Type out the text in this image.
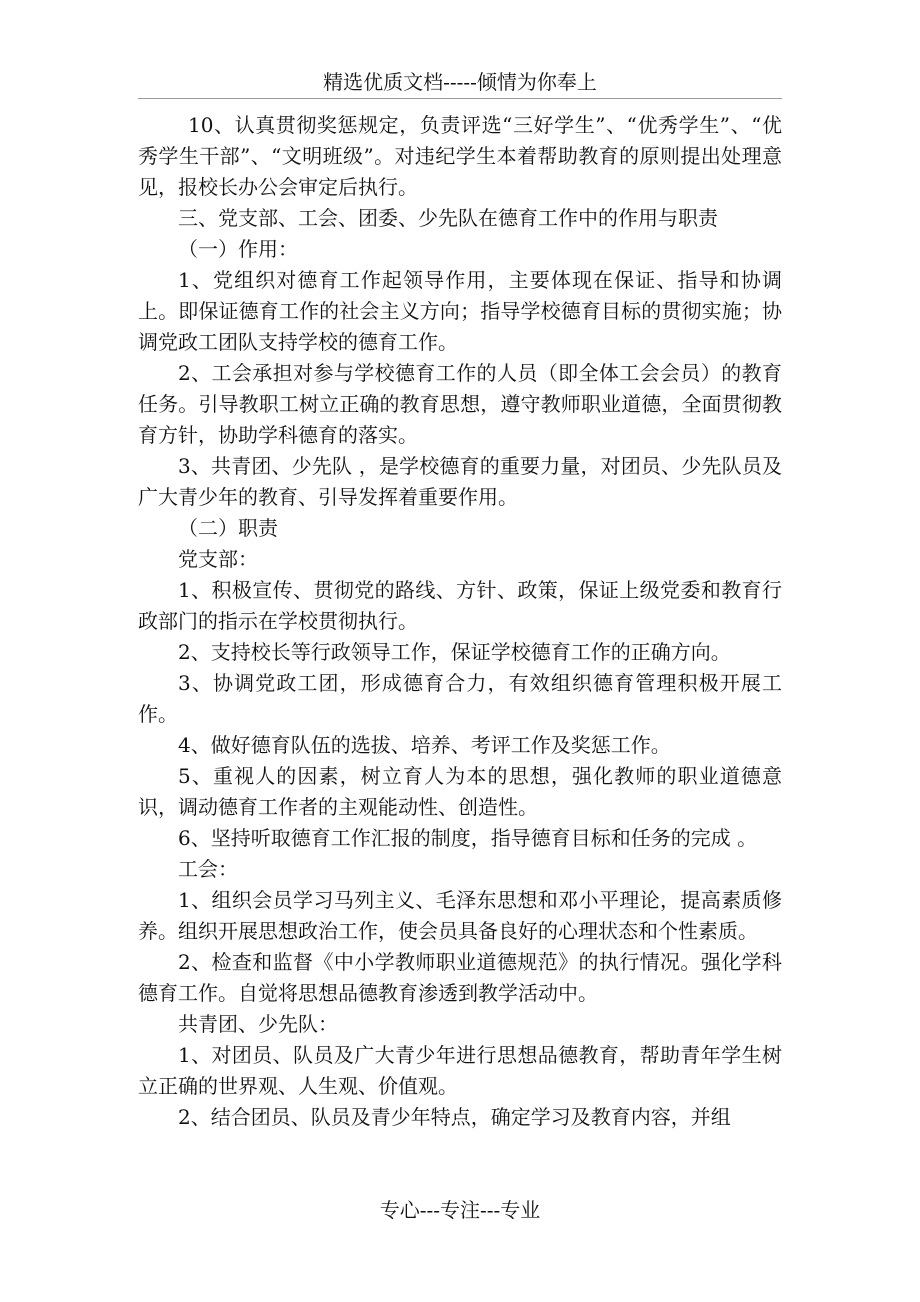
精选优质文档-----倾情为你奉上

10、认真贯彻奖惩规定，负责评选“三好学生”、“优秀学生”、“优秀学生干部”、“文明班级”。对违纪学生本着帮助教育的原则提出处理意见，报校长办公会审定后执行。

三、党支部、工会、团委、少先队在德育工作中的作用与职责

（一）作用：

1、党组织对德育工作起领导作用，主要体现在保证、指导和协调上。即保证德育工作的社会主义方向；指导学校德育目标的贯彻实施；协调党政工团队支持学校的德育工作。

2、工会承担对参与学校德育工作的人员（即全体工会会员）的教育任务。引导教职工树立正确的教育思想，遵守教师职业道德，全面贯彻教育方针，协助学科德育的落实。

3、共青团、少先队 ，是学校德育的重要力量，对团员、少先队员及广大青少年的教育、引导发挥着重要作用。

（二）职责

党支部：

1、积极宣传、贯彻党的路线、方针、政策，保证上级党委和教育行政部门的指示在学校贯彻执行。

2、支持校长等行政领导工作，保证学校德育工作的正确方向。

3、协调党政工团，形成德育合力，有效组织德育管理积极开展工作。

4、做好德育队伍的选拔、培养、考评工作及奖惩工作。

5、重视人的因素，树立育人为本的思想，强化教师的职业道德意识，调动德育工作者的主观能动性、创造性。

6、坚持听取德育工作汇报的制度，指导德育目标和任务的完成 。

工会：

1、组织会员学习马列主义、毛泽东思想和邓小平理论，提高素质修养。组织开展思想政治工作，使会员具备良好的心理状态和个性素质。

2、检查和监督《中小学教师职业道德规范》的执行情况。强化学科德育工作。自觉将思想品德教育渗透到教学活动中。

共青团、少先队：

1、对团员、队员及广大青少年进行思想品德教育，帮助青年学生树立正确的世界观、人生观、价值观。

2、结合团员、队员及青少年特点，确定学习及教育内容，并组

专心---专注---专业
